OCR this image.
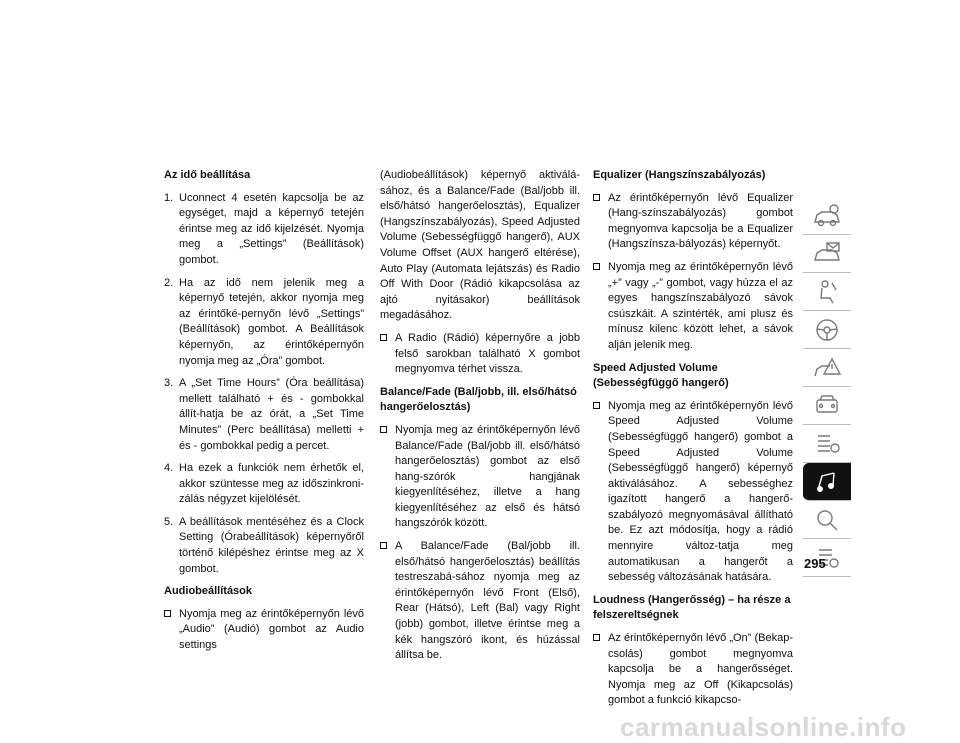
Az idő beállítása
1. Uconnect 4 esetén kapcsolja be az egységet, majd a képernyő tetején érintse meg az idő kijelzését. Nyomja meg a „Settings” (Beállítások) gombot.
2. Ha az idő nem jelenik meg a képernyő tetején, akkor nyomja meg az érintőké-pernyőn lévő „Settings” (Beállítások) gombot. A Beállítások képernyőn, az érintőképernyőn nyomja meg az „Óra” gombot.
3. A „Set Time Hours” (Óra beállítása) mellett található + és - gombokkal állít-hatja be az órát, a „Set Time Minutes” (Perc beállítása) melletti + és - gombokkal pedig a percet.
4. Ha ezek a funkciók nem érhetők el, akkor szüntesse meg az időszinkroni-zálás négyzet kijelölését.
5. A beállítások mentéséhez és a Clock Setting (Órabeállítások) képernyőről történő kilépéshez érintse meg az X gombot.
Audiobeállítások
Nyomja meg az érintőképernyőn lévő „Audio” (Audió) gombot az Audio settings
(Audiobeállítások) képernyő aktiválá-sához, és a Balance/Fade (Bal/jobb ill. első/hátsó hangerőelosztás), Equalizer (Hangszínszabályozás), Speed Adjusted Volume (Sebességfüggő hangerő), AUX Volume Offset (AUX hangerő eltérése), Auto Play (Automata lejátszás) és Radio Off With Door (Rádió kikapcsolása az ajtó nyitásakor) beállítások megadásához.
A Radio (Rádió) képernyőre a jobb felső sarokban található X gombot megnyomva térhet vissza.
Balance/Fade (Bal/jobb, ill. első/hátsó hangerőelosztás)
Nyomja meg az érintőképernyőn lévő Balance/Fade (Bal/jobb ill. első/hátsó hangerőelosztás) gombot az első hang-szórók hangjának kiegyenlítéséhez, illetve a hang kiegyenlítéséhez az első és hátsó hangszórók között.
A Balance/Fade (Bal/jobb ill. első/hátsó hangerőelosztás) beállítás testreszabá-sához nyomja meg az érintőképernyőn lévő Front (Első), Rear (Hátsó), Left (Bal) vagy Right (jobb) gombot, illetve érintse meg a kék hangszóró ikont, és húzással állítsa be.
Equalizer (Hangszínszabályozás)
Az érintőképernyőn lévő Equalizer (Hang-színszabályozás) gombot megnyomva kapcsolja be a Equalizer (Hangszínsza-bályozás) képernyőt.
Nyomja meg az érintőképernyőn lévő „+” vagy „-” gombot, vagy húzza el az egyes hangszínszabályozó sávok csúszkáit. A szintérték, ami plusz és mínusz kilenc között lehet, a sávok alján jelenik meg.
Speed Adjusted Volume (Sebességfüggő hangerő)
Nyomja meg az érintőképernyőn lévő Speed Adjusted Volume (Sebességfüggő hangerő) gombot a Speed Adjusted Volume (Sebességfüggő hangerő) képernyő aktiválásához. A sebességhez igazított hangerő a hangerő-szabályozó megnyomásával állítható be. Ez azt módosítja, hogy a rádió mennyire változ-tatja meg automatikusan a hangerőt a sebesség változásának hatására.
Loudness (Hangerősség) – ha része a felszereltségnek
Az érintőképernyőn lévő „On” (Bekap-csolás) gombot megnyomva kapcsolja be a hangerősséget. Nyomja meg az Off (Kikapcsolás) gombot a funkció kikapcso-
295
carmanualsonline.info
